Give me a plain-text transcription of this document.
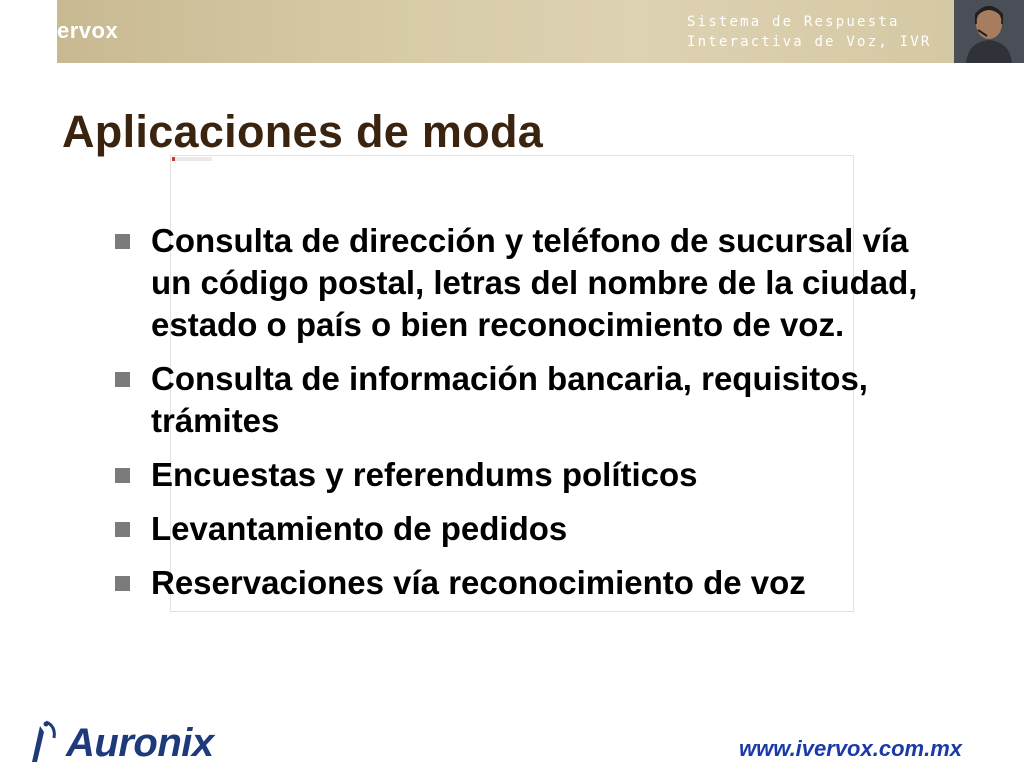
ervox	Sistema de Respuesta
Interactiva de Voz, IVR
Aplicaciones de moda
Consulta de dirección y teléfono de sucursal vía un código postal, letras del nombre de la ciudad, estado o país o bien reconocimiento de voz.
Consulta de información bancaria, requisitos, trámites
Encuestas y referendums políticos
Levantamiento de pedidos
Reservaciones vía reconocimiento de voz
Auronix	www.ivervox.com.mx
